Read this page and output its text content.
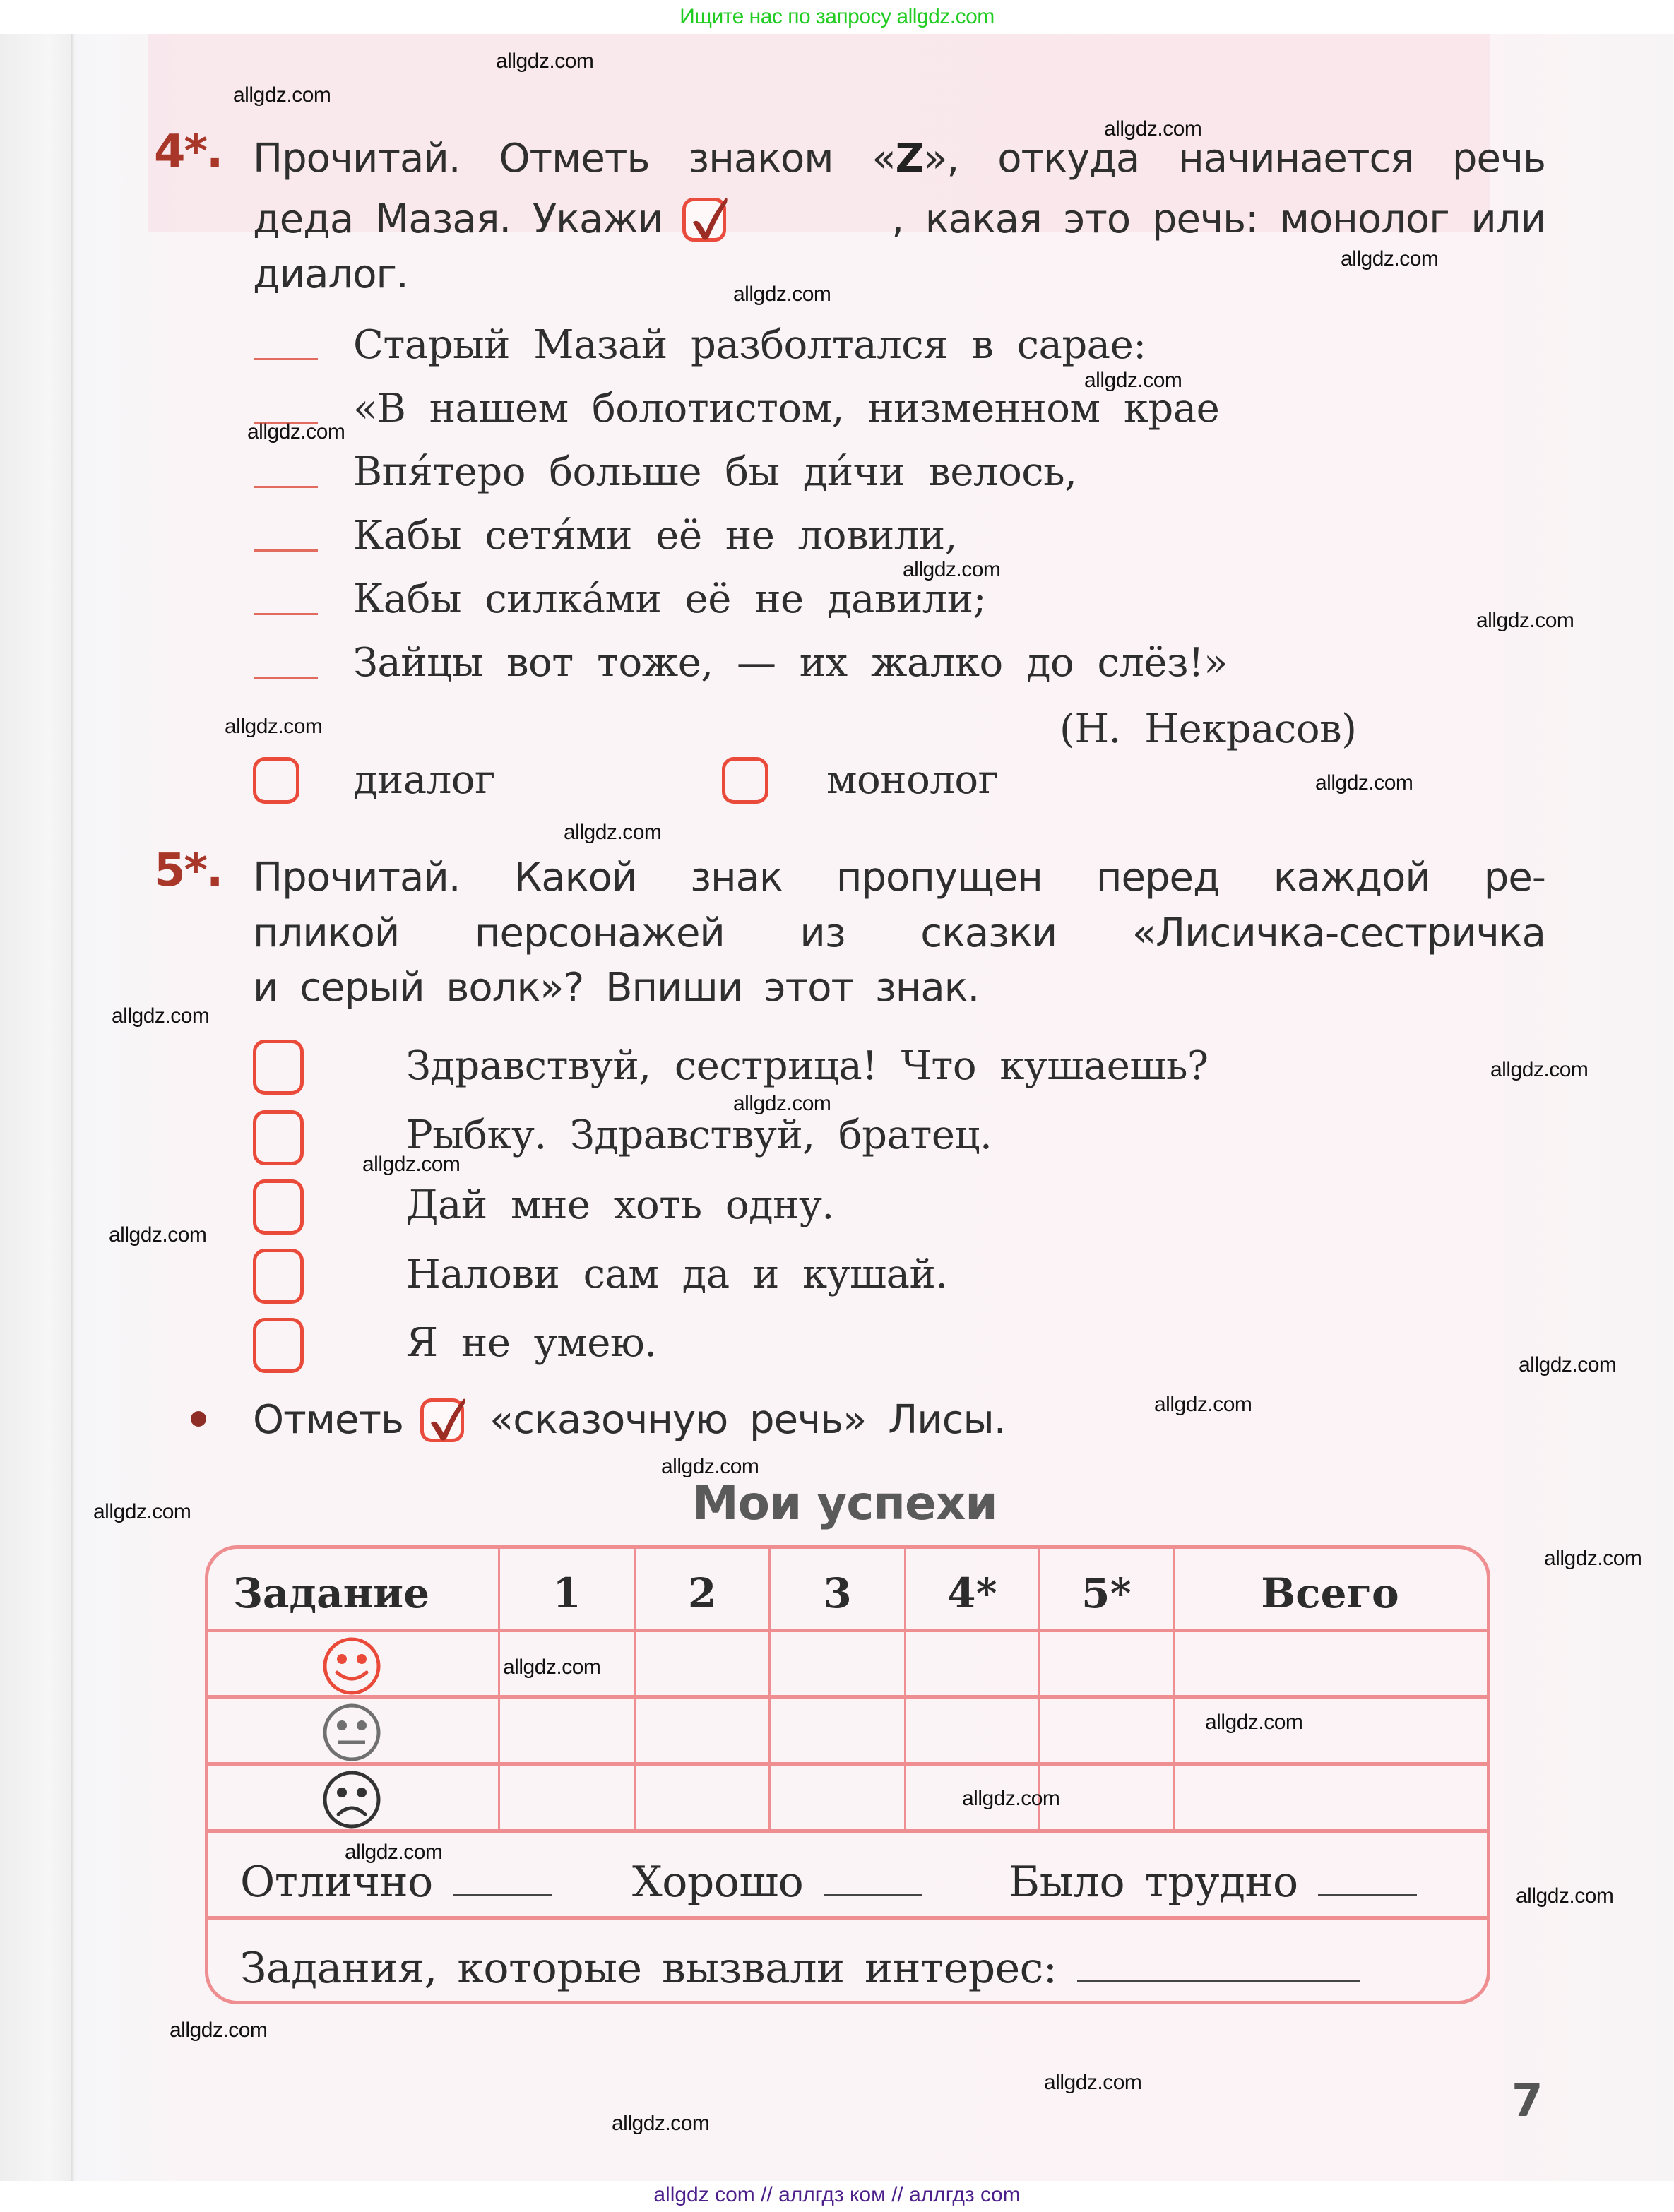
Ищите нас по запросу allgdz.com
4*. Прочитай. Отметь знаком «Z», откуда начинается речь
деда Мазая. Укажи	, какая это речь: монолог или
диалог.
Старый Мазай разболтался в сарае:
«В нашем болотистом, низменном крае
Впя́теро больше бы ди́чи велось,
Кабы сетя́ми её не ловили,
Кабы силка́ми её не давили;
Зайцы вот тоже, — их жалко до слёз!»
(Н. Некрасов)
диалог	монолог
5*. Прочитай. Какой знак пропущен перед каждой ре-
пликой персонажей из сказки «Лисичка-сестричка
и серый волк»? Впиши этот знак.
Здравствуй, сестрица! Что кушаешь?
Рыбку. Здравствуй, братец.
Дай мне хоть одну.
Налови сам да и кушай.
Я не умею.
Отметь «сказочную речь» Лисы.
Мои успехи
Задание	1	2	3	4*	5*	Всего
Отлично	Хорошо	Было трудно
Задания, которые вызвали интерес:
7
allgdz.com
allgdz.com
allgdz.com
allgdz.com
allgdz.com
allgdz.com
allgdz.com
allgdz.com
allgdz.com
allgdz.com
allgdz.com
allgdz.com
allgdz.com
allgdz.com
allgdz.com
allgdz.com
allgdz.com
allgdz.com
allgdz.com
allgdz.com
allgdz.com
allgdz.com
allgdz.com
allgdz.com
allgdz.com
allgdz.com
allgdz.com
allgdz.com
allgdz.com
allgdz.com
allgdz com // аллгдз ком // аллгдз com
